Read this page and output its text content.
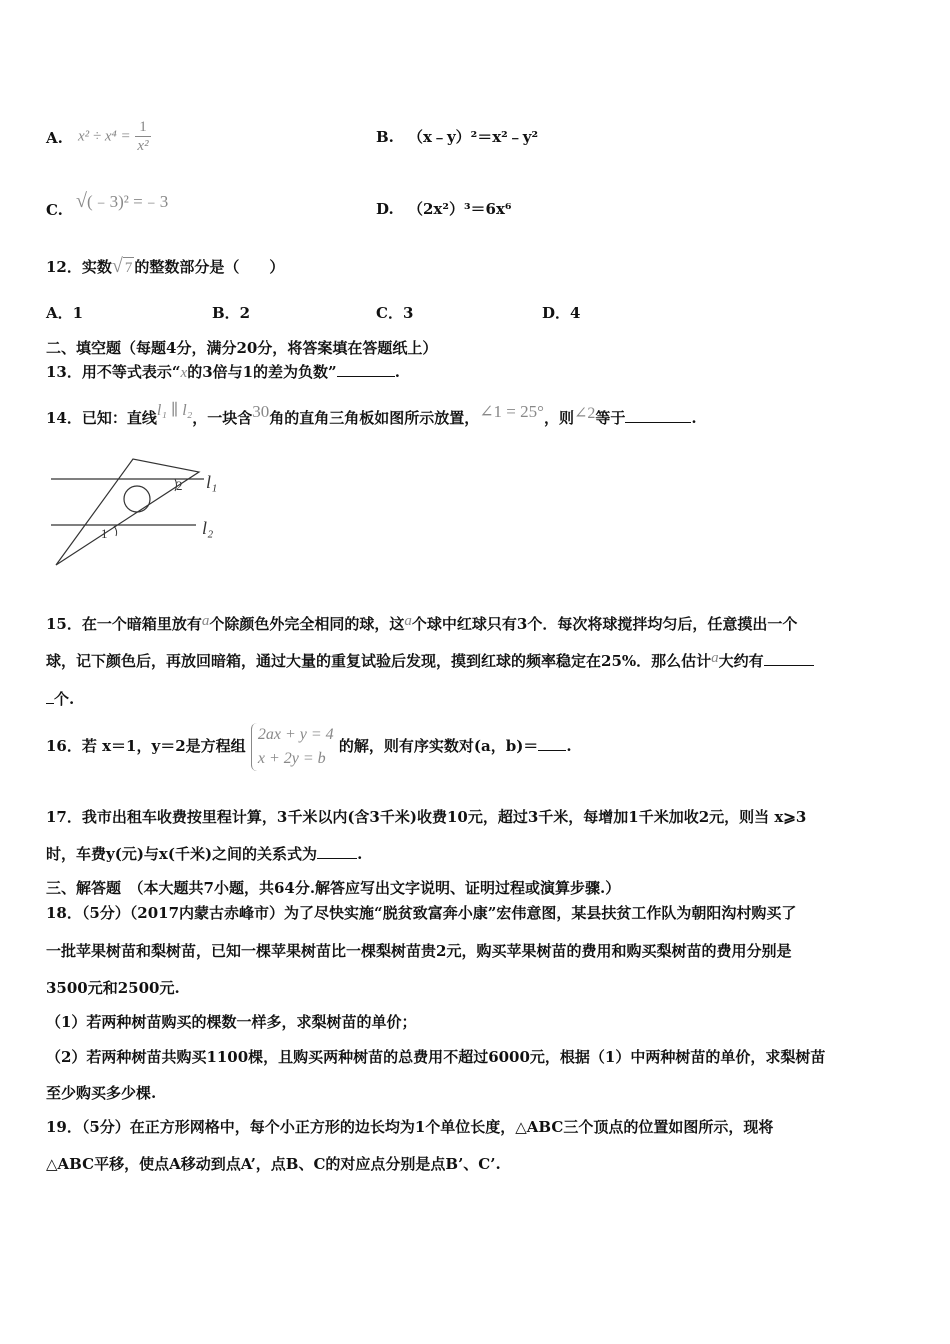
A. $x^2 \div x^4 = \frac{1}{\text{x²}}$	B. （x﹣y）²＝x²﹣y²
C. √(﹣3)² =﹣3	D. （2x²）³＝6x⁶
12．实数√ 7 的整数部分是（　　）
A．1	B．2	C．3	D．4
二、填空题（每题4分，满分20分，将答案填在答题纸上）
13．用不等式表示“x的3倍与1的差为负数”	.
14．已知：直线l₁ ∥ l₂，一块含30角的直角三角板如图所示放置，∠1 = 25°，则∠2等于	.
l₁
l₂
1
2
15．在一个暗箱里放有a个除颜色外完全相同的球，这a个球中红球只有3个．每次将球搅拌均匀后，任意摸出一个
球，记下颜色后，再放回暗箱，通过大量的重复试验后发现，摸到红球的频率稳定在25%．那么估计a大约有
个.
16．若 x＝1，y＝2是方程组
2ax + y = 4
x + 2y = b
的解，则有序实数对(a，b)＝ .
17．我市出租车收费按里程计算，3千米以内(含3千米)收费10元，超过3千米，每增加1千米加收2元，则当 x⩾3
时，车费y(元)与x(千米)之间的关系式为	.
三、解答题　（本大题共7小题，共64分.解答应写出文字说明、证明过程或演算步骤.）
18．（5分）（2017内蒙古赤峰市）为了尽快实施“脱贫致富奔小康”宏伟意图，某县扶贫工作队为朝阳沟村购买了
一批苹果树苗和梨树苗，已知一棵苹果树苗比一棵梨树苗贵2元，购买苹果树苗的费用和购买梨树苗的费用分别是
3500元和2500元.
（1）若两种树苗购买的棵数一样多，求梨树苗的单价；
（2）若两种树苗共购买1100棵，且购买两种树苗的总费用不超过6000元，根据（1）中两种树苗的单价，求梨树苗
至少购买多少棵.
19．（5分）在正方形网格中，每个小正方形的边长均为1个单位长度，△ABC三个顶点的位置如图所示，现将
△ABC平移，使点A移动到点A’，点B、C的对应点分别是点B’、C’.
